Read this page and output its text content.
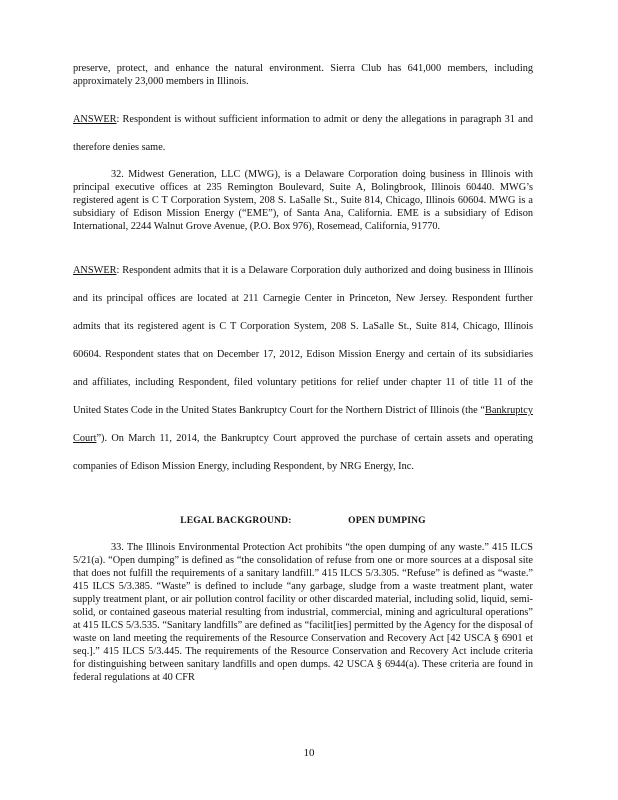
preserve, protect, and enhance the natural environment. Sierra Club has 641,000 members, including approximately 23,000 members in Illinois.

ANSWER: Respondent is without sufficient information to admit or deny the allegations in paragraph 31 and therefore denies same.

32. Midwest Generation, LLC (MWG), is a Delaware Corporation doing business in Illinois with principal executive offices at 235 Remington Boulevard, Suite A, Bolingbrook, Illinois 60440. MWG’s registered agent is C T Corporation System, 208 S. LaSalle St., Suite 814, Chicago, Illinois 60604. MWG is a subsidiary of Edison Mission Energy (“EME”), of Santa Ana, California. EME is a subsidiary of Edison International, 2244 Walnut Grove Avenue, (P.O. Box 976), Rosemead, California, 91770.

ANSWER: Respondent admits that it is a Delaware Corporation duly authorized and doing business in Illinois and its principal offices are located at 211 Carnegie Center in Princeton, New Jersey. Respondent further admits that its registered agent is C T Corporation System, 208 S. LaSalle St., Suite 814, Chicago, Illinois 60604. Respondent states that on December 17, 2012, Edison Mission Energy and certain of its subsidiaries and affiliates, including Respondent, filed voluntary petitions for relief under chapter 11 of title 11 of the United States Code in the United States Bankruptcy Court for the Northern District of Illinois (the “Bankruptcy Court”). On March 11, 2014, the Bankruptcy Court approved the purchase of certain assets and operating companies of Edison Mission Energy, including Respondent, by NRG Energy, Inc.

LEGAL BACKGROUND:	OPEN DUMPING

33. The Illinois Environmental Protection Act prohibits “the open dumping of any waste.” 415 ILCS 5/21(a). “Open dumping” is defined as “the consolidation of refuse from one or more sources at a disposal site that does not fulfill the requirements of a sanitary landfill.” 415 ILCS 5/3.305. “Refuse” is defined as “waste.” 415 ILCS 5/3.385. “Waste” is defined to include “any garbage, sludge from a waste treatment plant, water supply treatment plant, or air pollution control facility or other discarded material, including solid, liquid, semi-solid, or contained gaseous material resulting from industrial, commercial, mining and agricultural operations” at 415 ILCS 5/3.535. “Sanitary landfills” are defined as “facilit[ies] permitted by the Agency for the disposal of waste on land meeting the requirements of the Resource Conservation and Recovery Act [42 USCA § 6901 et seq.].” 415 ILCS 5/3.445. The requirements of the Resource Conservation and Recovery Act include criteria for distinguishing between sanitary landfills and open dumps. 42 USCA § 6944(a). These criteria are found in federal regulations at 40 CFR

10
